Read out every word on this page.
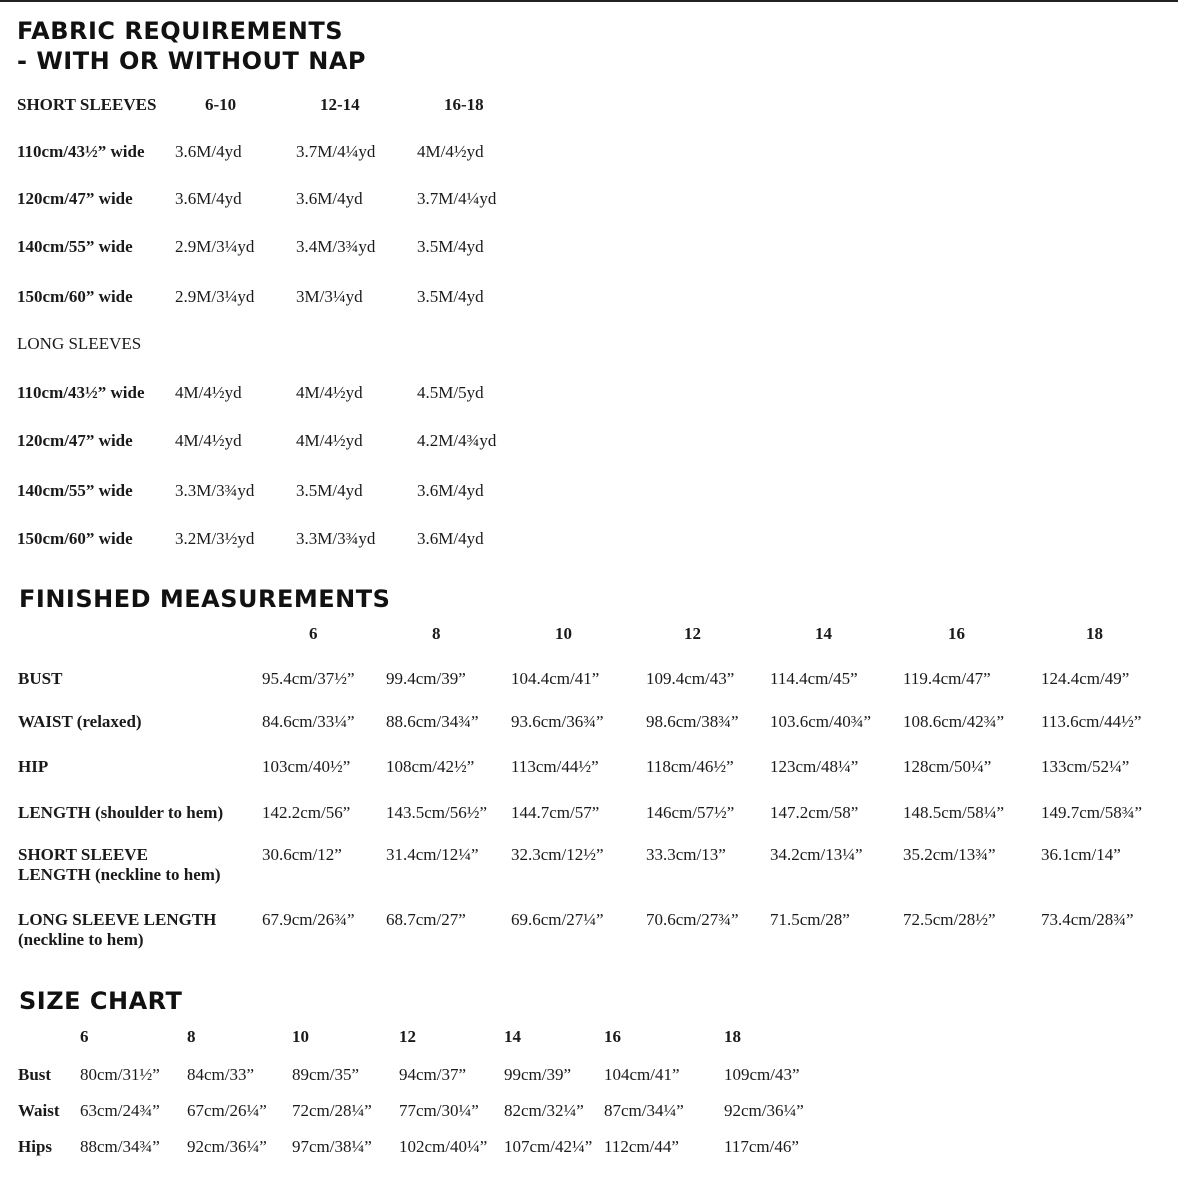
FABRIC REQUIREMENTS
- WITH OR WITHOUT NAP
SHORT SLEEVES	6-10	12-14	16-18
110cm/43½” wide 3.6M/4yd	3.7M/4¼yd 4M/4½yd
120cm/47” wide 3.6M/4yd	3.6M/4yd	3.7M/4¼yd
140cm/55” wide 2.9M/3¼yd 3.4M/3¾yd 3.5M/4yd
150cm/60” wide 2.9M/3¼yd 3M/3¼yd	3.5M/4yd
LONG SLEEVES
110cm/43½” wide 4M/4½yd	4M/4½yd	4.5M/5yd
120cm/47” wide 4M/4½yd	4M/4½yd	4.2M/4¾yd
140cm/55” wide 3.3M/3¾yd 3.5M/4yd	3.6M/4yd
150cm/60” wide 3.2M/3½yd 3.3M/3¾yd 3.6M/4yd
FINISHED MEASUREMENTS
6	8	10	12	14	16	18
BUST	95.4cm/37½” 99.4cm/39”	104.4cm/41”	109.4cm/43” 114.4cm/45”	119.4cm/47”	124.4cm/49”
WAIST (relaxed)	84.6cm/33¼” 88.6cm/34¾” 93.6cm/36¾” 98.6cm/38¾” 103.6cm/40¾” 108.6cm/42¾” 113.6cm/44½”
HIP	103cm/40½” 108cm/42½” 113cm/44½”	118cm/46½” 123cm/48¼”	128cm/50¼”	133cm/52¼”
LENGTH (shoulder to hem) 142.2cm/56” 143.5cm/56½” 144.7cm/57”	146cm/57½” 147.2cm/58”	148.5cm/58¼” 149.7cm/58¾”
SHORT SLEEVE
LENGTH (neckline to hem)
30.6cm/12”	31.4cm/12¼” 32.3cm/12½” 33.3cm/13”	34.2cm/13¼” 35.2cm/13¾”	36.1cm/14”
LONG SLEEVE LENGTH
(neckline to hem)
67.9cm/26¾” 68.7cm/27”	69.6cm/27¼” 70.6cm/27¾” 71.5cm/28”	72.5cm/28½”	73.4cm/28¾”
SIZE CHART
6	8	10	12	14	16	18
Bust 80cm/31½” 84cm/33” 89cm/35” 94cm/37” 99cm/39” 104cm/41”	109cm/43”
Waist 63cm/24¾” 67cm/26¼” 72cm/28¼” 77cm/30¼” 82cm/32¼” 87cm/34¼” 92cm/36¼”
Hips 88cm/34¾” 92cm/36¼” 97cm/38¼” 102cm/40¼” 107cm/42¼” 112cm/44”	117cm/46”
